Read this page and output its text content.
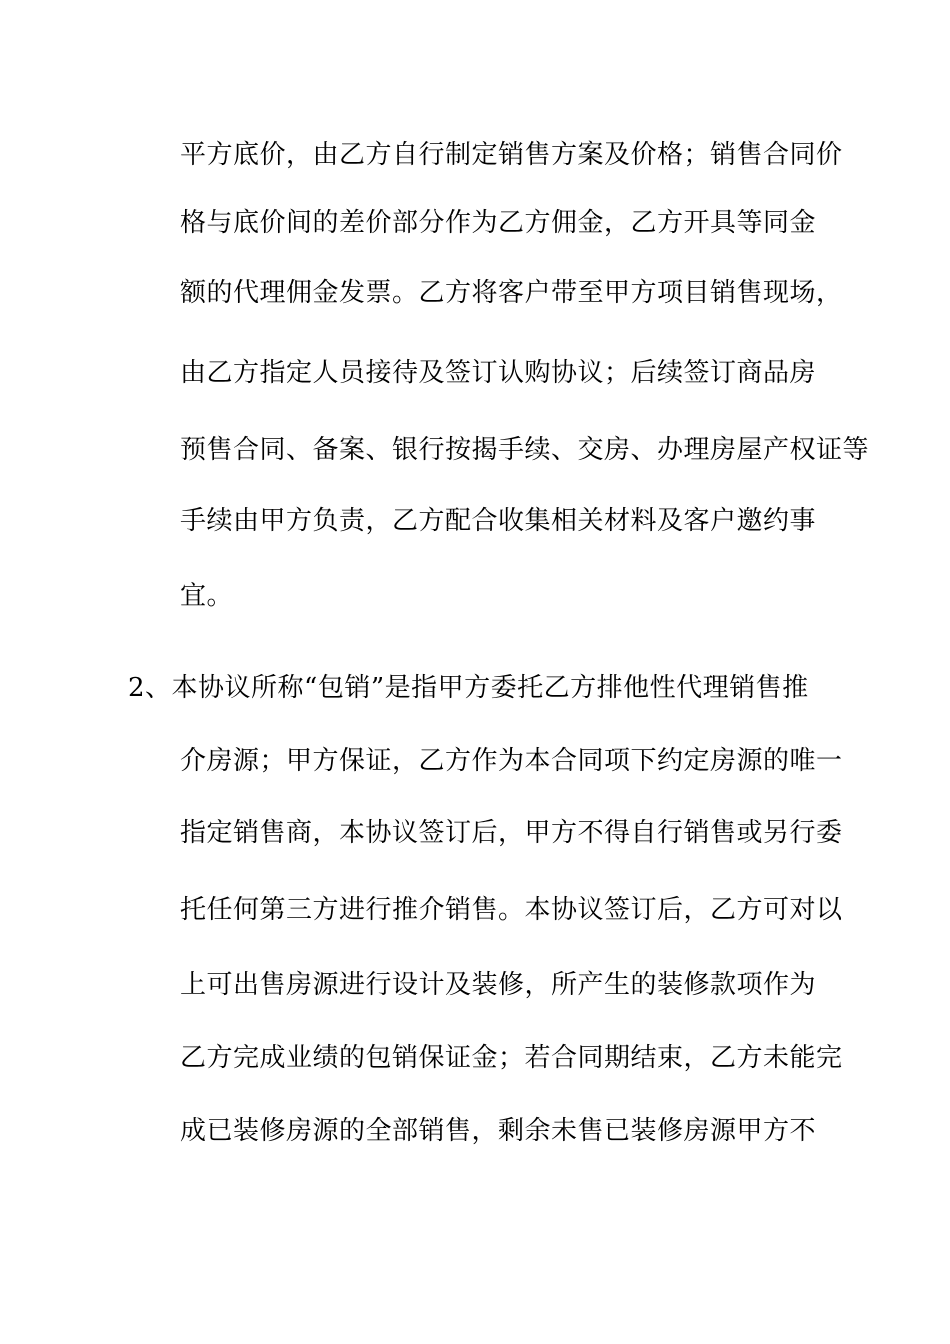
平方底价，由乙方自行制定销售方案及价格；销售合同价
格与底价间的差价部分作为乙方佣金，乙方开具等同金
额的代理佣金发票。乙方将客户带至甲方项目销售现场，
由乙方指定人员接待及签订认购协议；后续签订商品房
预售合同、备案、银行按揭手续、交房、办理房屋产权证等
手续由甲方负责，乙方配合收集相关材料及客户邀约事
宜。
2、本协议所称“包销”是指甲方委托乙方排他性代理销售推
介房源；甲方保证，乙方作为本合同项下约定房源的唯一
指定销售商，本协议签订后，甲方不得自行销售或另行委
托任何第三方进行推介销售。本协议签订后，乙方可对以
上可出售房源进行设计及装修，所产生的装修款项作为
乙方完成业绩的包销保证金；若合同期结束，乙方未能完
成已装修房源的全部销售，剩余未售已装修房源甲方不
